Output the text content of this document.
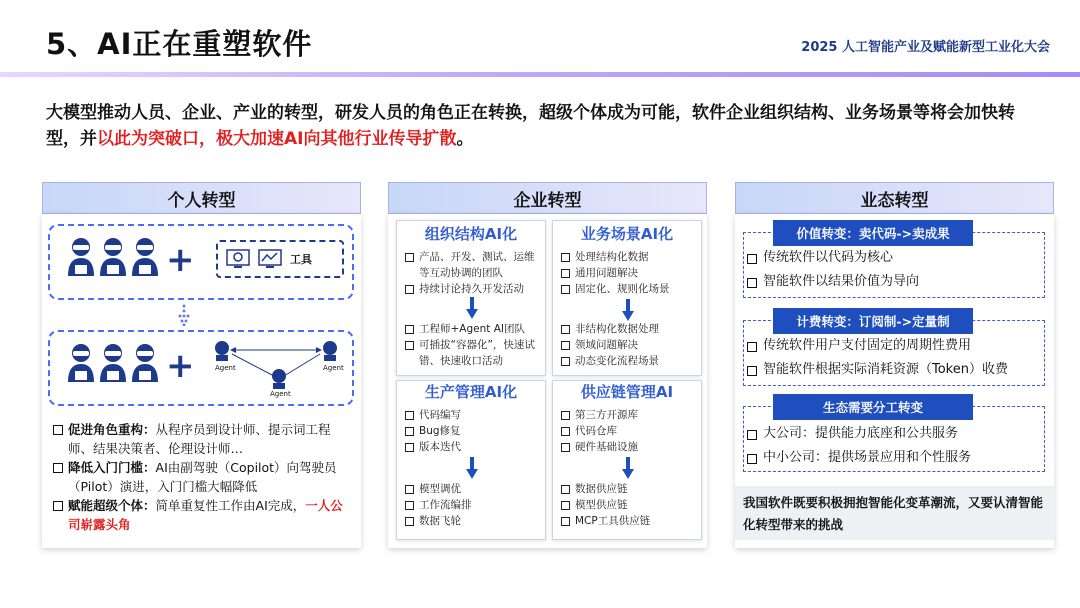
5、AI正在重塑软件	2025 人工智能产业及赋能新型工业化大会
大模型推动人员、企业、产业的转型，研发人员的角色正在转换，超级个体成为可能，软件企业组织结构、业务场景等将会加快转型，并以此为突破口，极大加速AI向其他行业传导扩散。
个人转型	企业转型	业态转型
+	工具
+	Agent	Agent
Agent
促进角色重构：从程序员到设计师、提示词工程师、结果决策者、伦理设计师…
降低入门门槛：AI由副驾驶（Copilot）向驾驶员（Pilot）演进，入门门槛大幅降低
赋能超级个体：简单重复性工作由AI完成，一人公司崭露头角
组织结构AI化
产品、开发、测试、运维等互动协调的团队
持续讨论持久开发活动
工程师+Agent AI团队
可插拔“容器化”，快速试错、快速收口活动
业务场景AI化
处理结构化数据
通用问题解决
固定化、规则化场景
非结构化数据处理
领域问题解决
动态变化流程场景
生产管理AI化
代码编写
Bug修复
版本迭代
模型调优
工作流编排
数据飞轮
供应链管理AI
第三方开源库
代码仓库
硬件基础设施
数据供应链
模型供应链
MCP工具供应链
价值转变：卖代码->卖成果
传统软件以代码为核心
智能软件以结果价值为导向
计费转变：订阅制->定量制
传统软件用户支付固定的周期性费用
智能软件根据实际消耗资源（Token）收费
生态需要分工转变
大公司：提供能力底座和公共服务
中小公司：提供场景应用和个性服务
我国软件既要积极拥抱智能化变革潮流，又要认清智能化转型带来的挑战
